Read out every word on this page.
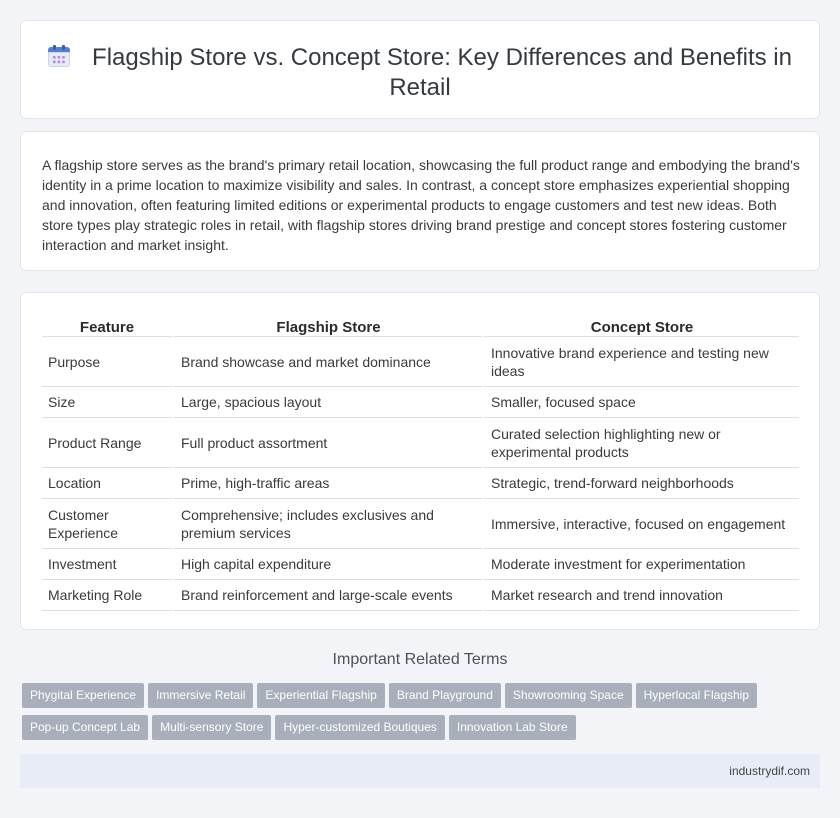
Flagship Store vs. Concept Store: Key Differences and Benefits in Retail

A flagship store serves as the brand's primary retail location, showcasing the full product range and embodying the brand's identity in a prime location to maximize visibility and sales. In contrast, a concept store emphasizes experiential shopping and innovation, often featuring limited editions or experimental products to engage customers and test new ideas. Both store types play strategic roles in retail, with flagship stores driving brand prestige and concept stores fostering customer interaction and market insight.

Feature	Flagship Store	Concept Store
Purpose	Brand showcase and market dominance	Innovative brand experience and testing new ideas
Size	Large, spacious layout	Smaller, focused space
Product Range	Full product assortment	Curated selection highlighting new or experimental products
Location	Prime, high-traffic areas	Strategic, trend-forward neighborhoods
Customer Experience	Comprehensive; includes exclusives and premium services	Immersive, interactive, focused on engagement
Investment	High capital expenditure	Moderate investment for experimentation
Marketing Role	Brand reinforcement and large-scale events	Market research and trend innovation
Important Related Terms
Phygital Experience Immersive Retail Experiential Flagship Brand Playground Showrooming Space Hyperlocal Flagship
Pop-up Concept Lab Multi-sensory Store Hyper-customized Boutiques Innovation Lab Store
industrydif.com
